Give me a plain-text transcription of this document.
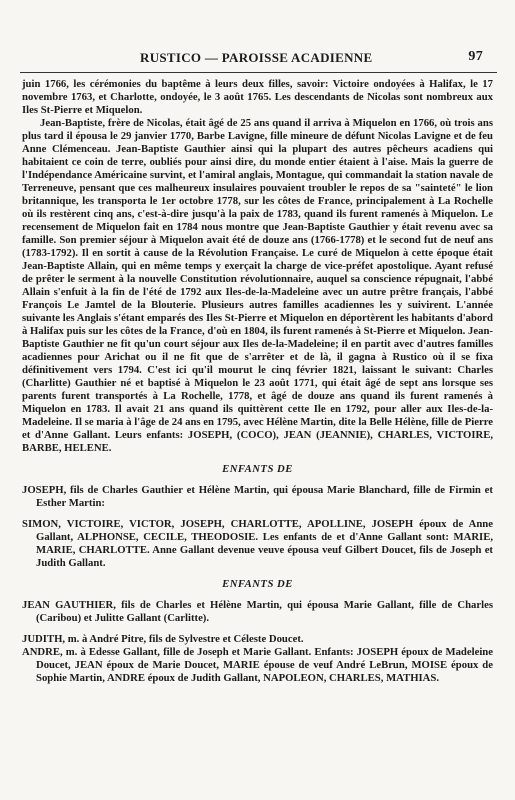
RUSTICO — PAROISSE ACADIENNE	97

juin 1766, les cérémonies du baptême à leurs deux filles, savoir: Victoire ondoyées à Halifax, le 17 novembre 1763, et Charlotte, ondoyée, le 3 août 1765. Les descendants de Nicolas sont nombreux aux Iles St-Pierre et Miquelon.

Jean-Baptiste, frère de Nicolas, était âgé de 25 ans quand il arriva à Miquelon en 1766, où trois ans plus tard il épousa le 29 janvier 1770, Barbe Lavigne, fille mineure de défunt Nicolas Lavigne et de feu Anne Clémenceau. Jean-Baptiste Gauthier ainsi qui la plupart des autres pêcheurs acadiens qui habitaient ce coin de terre, oubliés pour ainsi dire, du monde entier étaient à l'aise. Mais la guerre de l'Indépendance Américaine survint, et l'amiral anglais, Montague, qui commandait la station navale de Terreneuve, pensant que ces malheureux insulaires pouvaient troubler le repos de sa "sainteté" le lion britannique, les transporta le 1er octobre 1778, sur les côtes de France, principalement à La Rochelle où ils restèrent cinq ans, c'est-à-dire jusqu'à la paix de 1783, quand ils furent ramenés à Miquelon. Le recensement de Miquelon fait en 1784 nous montre que Jean-Baptiste Gauthier y était revenu avec sa famille. Son premier séjour à Miquelon avait été de douze ans (1766-1778) et le second fut de neuf ans (1783-1792). Il en sortit à cause de la Révolution Française. Le curé de Miquelon à cette époque était Jean-Baptiste Allain, qui en même temps y exerçait la charge de vice-préfet apostolique. Ayant refusé de prêter le serment à la nouvelle Constitution révolutionnaire, auquel sa conscience répugnait, l'abbé Allain s'enfuit à la fin de l'été de 1792 aux Iles-de-la-Madeleine avec un autre prêtre français, l'abbé François Le Jamtel de la Blouterie. Plusieurs autres familles acadiennes les y suivirent. L'année suivante les Anglais s'étant emparés des Iles St-Pierre et Miquelon en déportèrent les habitants d'abord à Halifax puis sur les côtes de la France, d'où en 1804, ils furent ramenés à St-Pierre et Miquelon. Jean-Baptiste Gauthier ne fit qu'un court séjour aux Iles de-la-Madeleine; il en partit avec d'autres familles acadiennes pour Arichat ou il ne fit que de s'arrêter et de là, il gagna à Rustico où il se fixa définitivement vers 1794. C'est ici qu'il mourut le cinq février 1821, laissant le suivant: Charles (Charlitte) Gauthier né et baptisé à Miquelon le 23 août 1771, qui était âgé de sept ans lorsque ses parents furent transportés à La Rochelle, 1778, et âgé de douze ans quand ils furent ramenés à Miquelon en 1783. Il avait 21 ans quand ils quittèrent cette Ile en 1792, pour aller aux Iles-de-la-Madeleine. Il se maria à l'âge de 24 ans en 1795, avec Hélène Martin, dite la Belle Hélène, fille de Pierre et d'Anne Gallant. Leurs enfants: JOSEPH, (COCO), JEAN (JEANNIE), CHARLES, VICTOIRE, BARBE, HELENE.

ENFANTS DE

JOSEPH, fils de Charles Gauthier et Hélène Martin, qui épousa Marie Blanchard, fille de Firmin et Esther Martin:

SIMON, VICTOIRE, VICTOR, JOSEPH, CHARLOTTE, APOLLINE, JOSEPH époux de Anne Gallant, ALPHONSE, CECILE, THEODOSIE. Les enfants de et d'Anne Gallant sont: MARIE, MARIE, CHARLOTTE. Anne Gallant devenue veuve épousa veuf Gilbert Doucet, fils de Joseph et Judith Gallant.

ENFANTS DE

JEAN GAUTHIER, fils de Charles et Hélène Martin, qui épousa Marie Gallant, fille de Charles (Caribou) et Julitte Gallant (Carlitte).

JUDITH, m. à André Pitre, fils de Sylvestre et Céleste Doucet.

ANDRE, m. à Edesse Gallant, fille de Joseph et Marie Gallant. Enfants: JOSEPH époux de Madeleine Doucet, JEAN époux de Marie Doucet, MARIE épouse de veuf André LeBrun, MOISE époux de Sophie Martin, ANDRE époux de Judith Gallant, NAPOLEON, CHARLES, MATHIAS.
